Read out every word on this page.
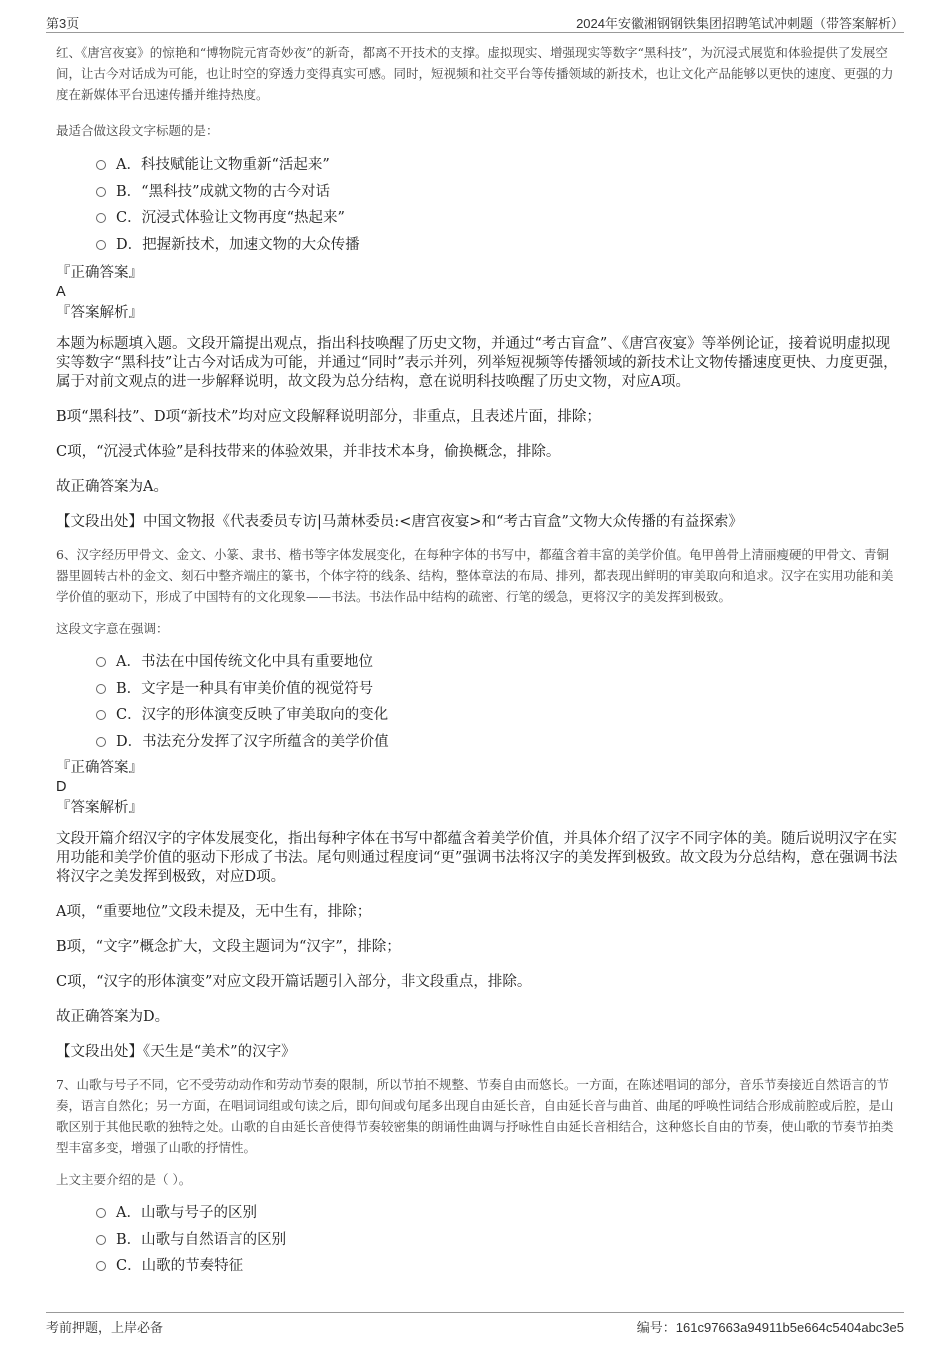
第3页	2024年安徽湘钢钢铁集团招聘笔试冲刺题（带答案解析）

红、《唐宫夜宴》的惊艳和“博物院元宵奇妙夜”的新奇，都离不开技术的支撑。虚拟现实、增强现实等数字“黑科技”，为沉浸式展览和体验提供了发展空间，让古今对话成为可能，也让时空的穿透力变得真实可感。同时，短视频和社交平台等传播领域的新技术，也让文化产品能够以更快的速度、更强的力度在新媒体平台迅速传播并维持热度。

最适合做这段文字标题的是：

A．科技赋能让文物重新“活起来”
B．“黑科技”成就文物的古今对话
C．沉浸式体验让文物再度“热起来”
D．把握新技术，加速文物的大众传播

『正确答案』

A

『答案解析』

本题为标题填入题。文段开篇提出观点，指出科技唤醒了历史文物，并通过“考古盲盒”、《唐宫夜宴》等举例论证，接着说明虚拟现实等数字“黑科技”让古今对话成为可能，并通过“同时”表示并列，列举短视频等传播领域的新技术让文物传播速度更快、力度更强，属于对前文观点的进一步解释说明，故文段为总分结构，意在说明科技唤醒了历史文物，对应A项。

B项“黑科技”、D项“新技术”均对应文段解释说明部分，非重点，且表述片面，排除；

C项，“沉浸式体验”是科技带来的体验效果，并非技术本身，偷换概念，排除。

故正确答案为A。

【文段出处】中国文物报《代表委员专访|马萧林委员:<唐宫夜宴>和“考古盲盒”文物大众传播的有益探索》

6、汉字经历甲骨文、金文、小篆、隶书、楷书等字体发展变化，在每种字体的书写中，都蕴含着丰富的美学价值。龟甲兽骨上清丽瘦硬的甲骨文、青铜器里圆转古朴的金文、刻石中整齐端庄的篆书，个体字符的线条、结构，整体章法的布局、排列，都表现出鲜明的审美取向和追求。汉字在实用功能和美学价值的驱动下，形成了中国特有的文化现象——书法。书法作品中结构的疏密、行笔的缓急，更将汉字的美发挥到极致。

这段文字意在强调：

A．书法在中国传统文化中具有重要地位
B．文字是一种具有审美价值的视觉符号
C．汉字的形体演变反映了审美取向的变化
D．书法充分发挥了汉字所蕴含的美学价值

『正确答案』

D

『答案解析』

文段开篇介绍汉字的字体发展变化，指出每种字体在书写中都蕴含着美学价值，并具体介绍了汉字不同字体的美。随后说明汉字在实用功能和美学价值的驱动下形成了书法。尾句则通过程度词“更”强调书法将汉字的美发挥到极致。故文段为分总结构，意在强调书法将汉字之美发挥到极致，对应D项。

A项，“重要地位”文段未提及，无中生有，排除；

B项，“文字”概念扩大，文段主题词为“汉字”，排除；

C项，“汉字的形体演变”对应文段开篇话题引入部分，非文段重点，排除。

故正确答案为D。

【文段出处】《天生是“美术”的汉字》

7、山歌与号子不同，它不受劳动动作和劳动节奏的限制，所以节拍不规整、节奏自由而悠长。一方面，在陈述唱词的部分，音乐节奏接近自然语言的节奏，语言自然化；另一方面，在唱词词组或句读之后，即句间或句尾多出现自由延长音，自由延长音与曲首、曲尾的呼唤性词结合形成前腔或后腔，是山歌区别于其他民歌的独特之处。山歌的自由延长音使得节奏较密集的朗诵性曲调与抒咏性自由延长音相结合，这种悠长自由的节奏，使山歌的节奏节拍类型丰富多变，增强了山歌的抒情性。

上文主要介绍的是（ ）。

A．山歌与号子的区别
B．山歌与自然语言的区别
C．山歌的节奏特征
考前押题，上岸必备	编号：161c97663a94911b5e664c5404abc3e5
